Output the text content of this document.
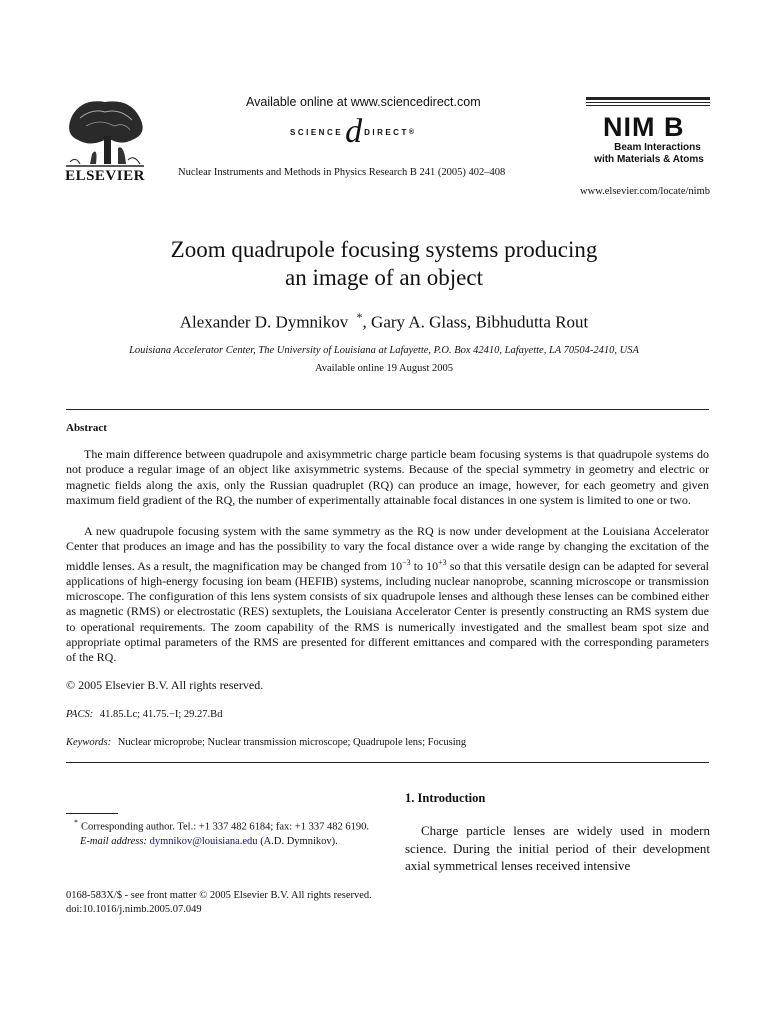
ELSEVIER
Available online at www.sciencedirect.com
SCIENCE d DIRECT ®
Nuclear Instruments and Methods in Physics Research B 241 (2005) 402–408
NIM B
Beam Interactions
with Materials & Atoms
www.elsevier.com/locate/nimb
Zoom quadrupole focusing systems producing
an image of an object
Alexander D. Dymnikov *, Gary A. Glass, Bibhudutta Rout
Louisiana Accelerator Center, The University of Louisiana at Lafayette, P.O. Box 42410, Lafayette, LA 70504-2410, USA
Available online 19 August 2005
Abstract

The main difference between quadrupole and axisymmetric charge particle beam focusing systems is that quadrupole systems do not produce a regular image of an object like axisymmetric systems. Because of the special symmetry in geometry and electric or magnetic fields along the axis, only the Russian quadruplet (RQ) can produce an image, however, for each geometry and given maximum field gradient of the RQ, the number of experimentally attainable focal distances in one system is limited to one or two.

A new quadrupole focusing system with the same symmetry as the RQ is now under development at the Louisiana Accelerator Center that produces an image and has the possibility to vary the focal distance over a wide range by changing the excitation of the middle lenses. As a result, the magnification may be changed from $10^{-3}$ to $10^{+3}$ so that this versatile design can be adapted for several applications of high-energy focusing ion beam (HEFIB) systems, including nuclear nanoprobe, scanning microscope or transmission microscope. The configuration of this lens system consists of six quadrupole lenses and although these lenses can be combined either as magnetic (RMS) or electrostatic (RES) sextuplets, the Louisiana Accelerator Center is presently constructing an RMS system due to operational requirements. The zoom capability of the RMS is numerically investigated and the smallest beam spot size and appropriate optimal parameters of the RMS are presented for different emittances and compared with the corresponding parameters of the RQ.

© 2005 Elsevier B.V. All rights reserved.
PACS: 41.85.Lc; 41.75.−I; 29.27.Bd
Keywords: Nuclear microprobe; Nuclear transmission microscope; Quadrupole lens; Focusing
* Corresponding author. Tel.: +1 337 482 6184; fax: +1 337 482 6190.
E-mail address: dymnikov@louisiana.edu (A.D. Dymnikov).
1. Introduction

Charge particle lenses are widely used in modern science. During the initial period of their development axial symmetrical lenses received intensive

0168-583X/$ - see front matter © 2005 Elsevier B.V. All rights reserved.
doi:10.1016/j.nimb.2005.07.049
